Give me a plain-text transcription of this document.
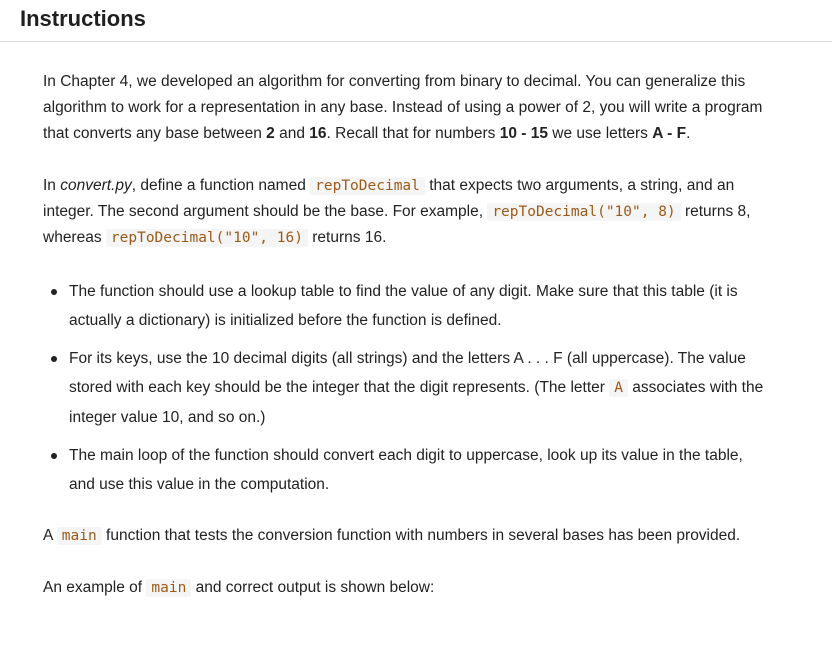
Instructions

In Chapter 4, we developed an algorithm for converting from binary to decimal. You can generalize this algorithm to work for a representation in any base. Instead of using a power of 2, you will write a program that converts any base between 2 and 16. Recall that for numbers 10 - 15 we use letters A - F.

In convert.py, define a function named repToDecimal that expects two arguments, a string, and an integer. The second argument should be the base. For example, repToDecimal("10", 8) returns 8, whereas repToDecimal("10", 16) returns 16.

The function should use a lookup table to find the value of any digit. Make sure that this table (it is actually a dictionary) is initialized before the function is defined.
For its keys, use the 10 decimal digits (all strings) and the letters A . . . F (all uppercase). The value stored with each key should be the integer that the digit represents. (The letter A associates with the integer value 10, and so on.)
The main loop of the function should convert each digit to uppercase, look up its value in the table, and use this value in the computation.

A main function that tests the conversion function with numbers in several bases has been provided.

An example of main and correct output is shown below:
